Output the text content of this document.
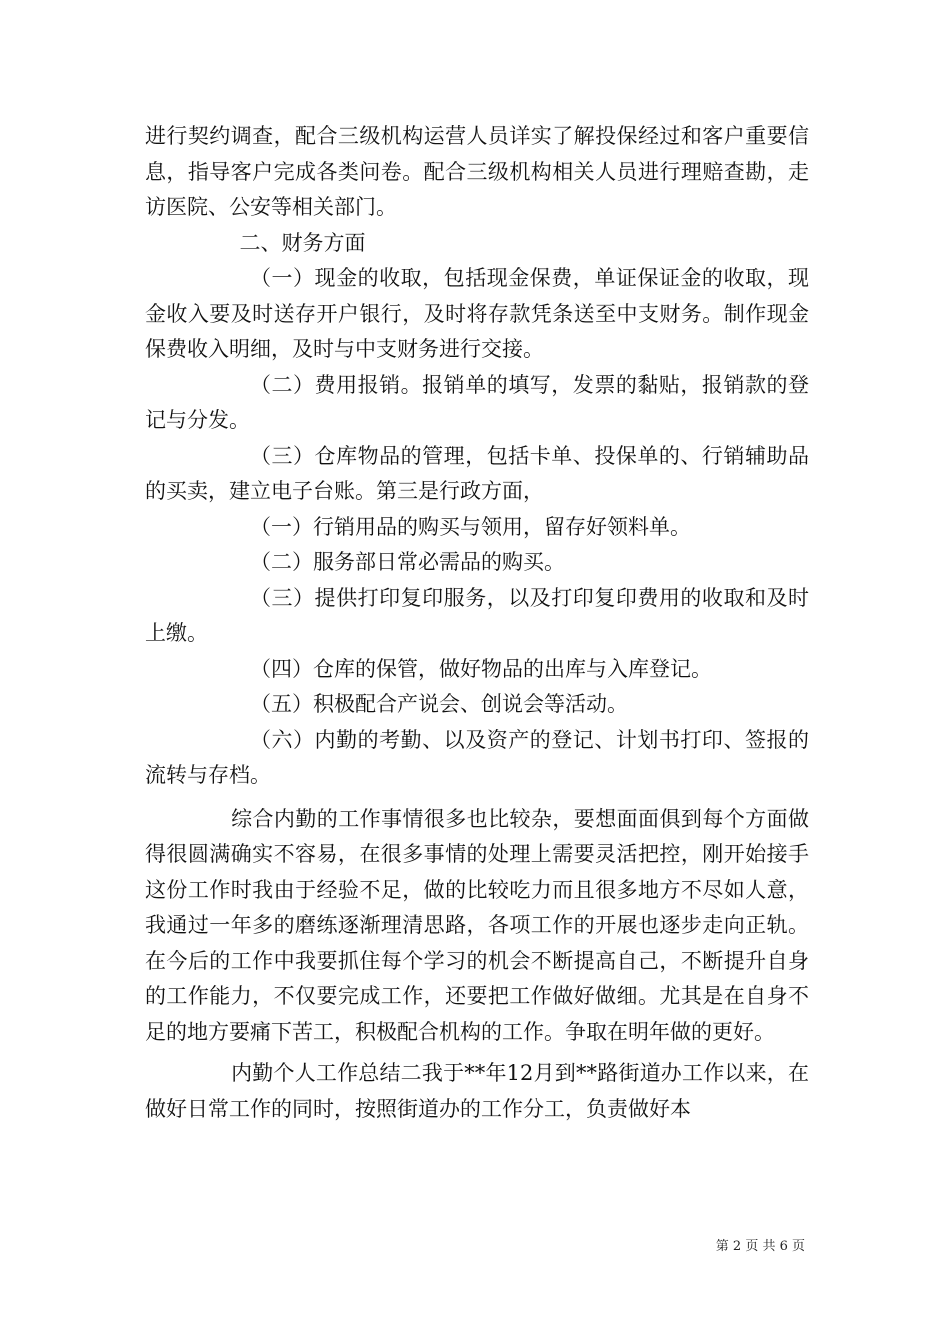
进行契约调查，配合三级机构运营人员详实了解投保经过和客户重要信息，指导客户完成各类问卷。配合三级机构相关人员进行理赔查勘，走访医院、公安等相关部门。

二、财务方面

（一）现金的收取，包括现金保费，单证保证金的收取，现金收入要及时送存开户银行，及时将存款凭条送至中支财务。制作现金保费收入明细，及时与中支财务进行交接。

（二）费用报销。报销单的填写，发票的黏贴，报销款的登记与分发。

（三）仓库物品的管理，包括卡单、投保单的、行销辅助品的买卖，建立电子台账。第三是行政方面，

（一）行销用品的购买与领用，留存好领料单。

（二）服务部日常必需品的购买。

（三）提供打印复印服务，以及打印复印费用的收取和及时上缴。

（四）仓库的保管，做好物品的出库与入库登记。

（五）积极配合产说会、创说会等活动。

（六）内勤的考勤、以及资产的登记、计划书打印、签报的流转与存档。

综合内勤的工作事情很多也比较杂，要想面面俱到每个方面做得很圆满确实不容易，在很多事情的处理上需要灵活把控，刚开始接手这份工作时我由于经验不足，做的比较吃力而且很多地方不尽如人意，我通过一年多的磨练逐渐理清思路，各项工作的开展也逐步走向正轨。在今后的工作中我要抓住每个学习的机会不断提高自己，不断提升自身的工作能力，不仅要完成工作，还要把工作做好做细。尤其是在自身不足的地方要痛下苦工，积极配合机构的工作。争取在明年做的更好。

内勤个人工作总结二我于**年12月到**路街道办工作以来，在做好日常工作的同时，按照街道办的工作分工，负责做好本

第 2 页 共 6 页
